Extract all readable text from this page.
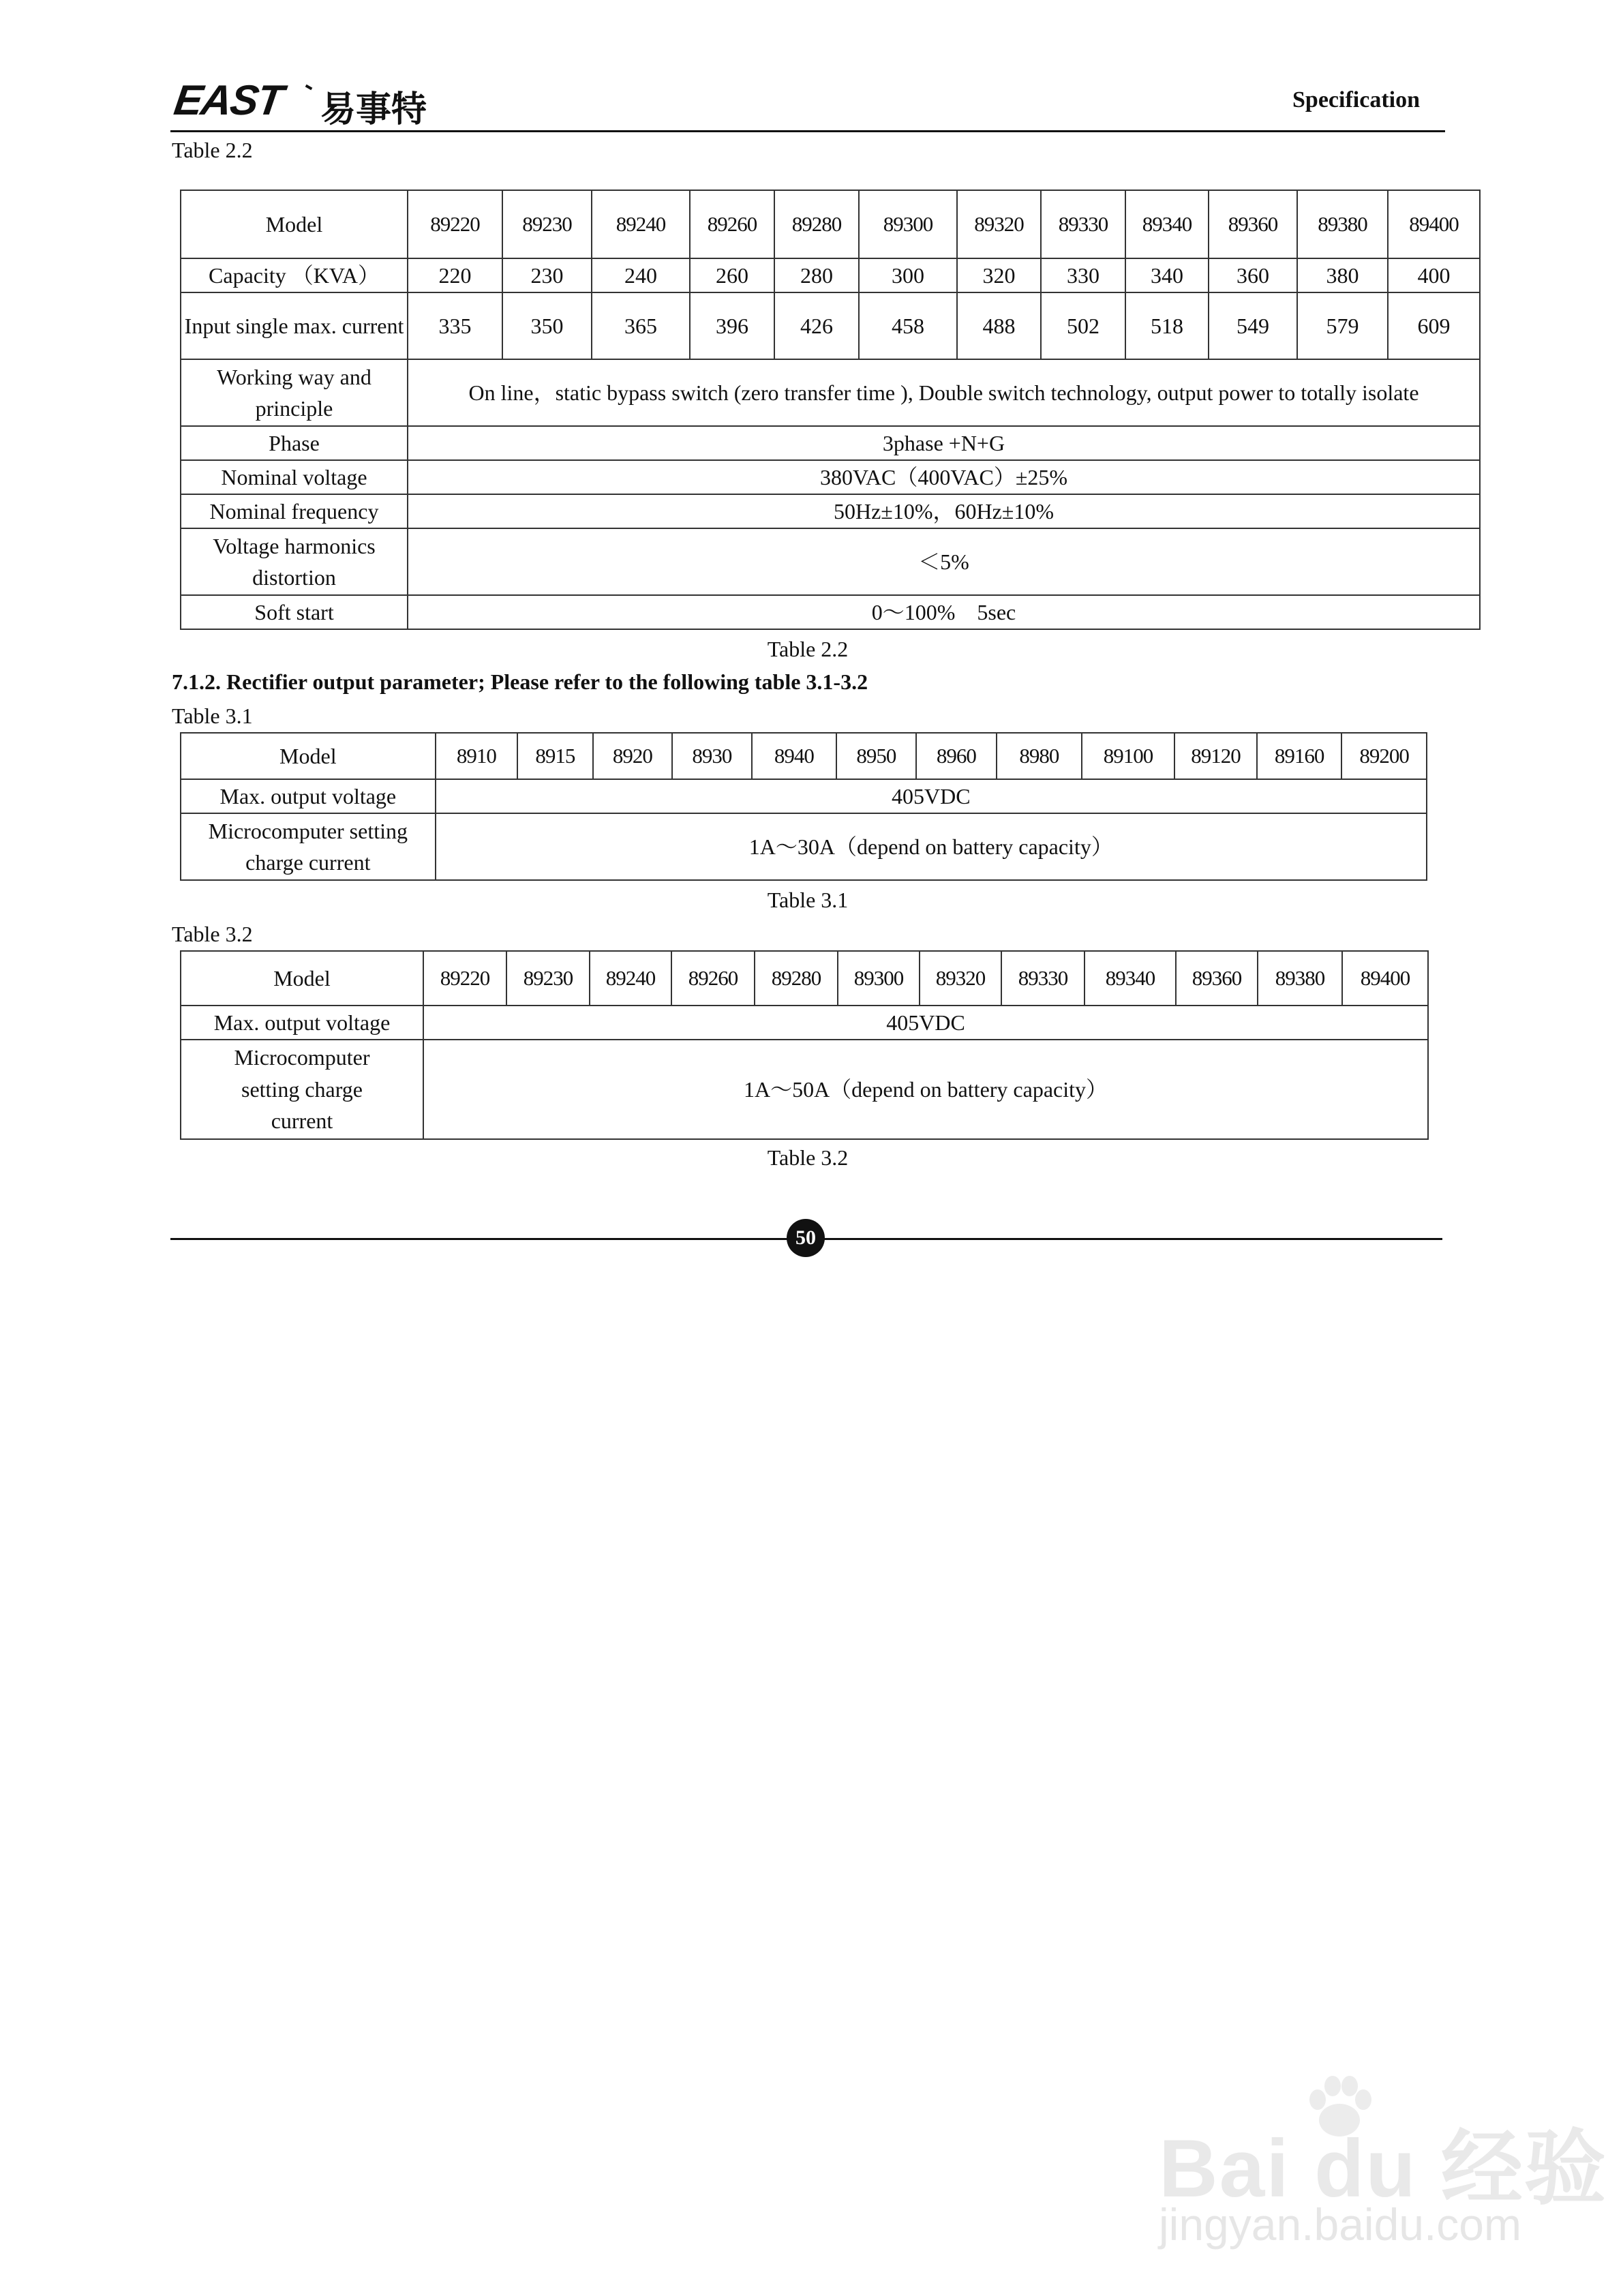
EAST 易事特	Specification
Table 2.2
Model	89220	89230	89240	89260	89280	89300	89320	89330	89340	89360	89380	89400
Capacity （KVA）	220	230	240	260	280	300	320	330	340	360	380	400
Input single max. current	335	350	365	396	426	458	488	502	518	549	579	609
Working way and principle	On line，static bypass switch (zero transfer time ), Double switch technology, output power to totally isolate											
Phase	3phase +N+G											
Nominal voltage	380VAC（400VAC）±25%											
Nominal frequency	50Hz±10%，60Hz±10%											
Voltage harmonics distortion	＜5%											
Soft start	0～100%    5sec											
Table 2.2
7.1.2. Rectifier output parameter; Please refer to the following table 3.1-3.2
Table 3.1
Model	8910	8915	8920	8930	8940	8950	8960	8980	89100	89120	89160	89200
Max. output voltage	405VDC											
Microcomputer setting charge current	1A～30A（depend on battery capacity）											
Table 3.1
Table 3.2
Model	89220	89230	89240	89260	89280	89300	89320	89330	89340	89360	89380	89400
Max. output voltage	405VDC											
Microcomputer setting charge current	1A～50A（depend on battery capacity）											
Table 3.2
50
Bai du 经验
jingyan.baidu.com
